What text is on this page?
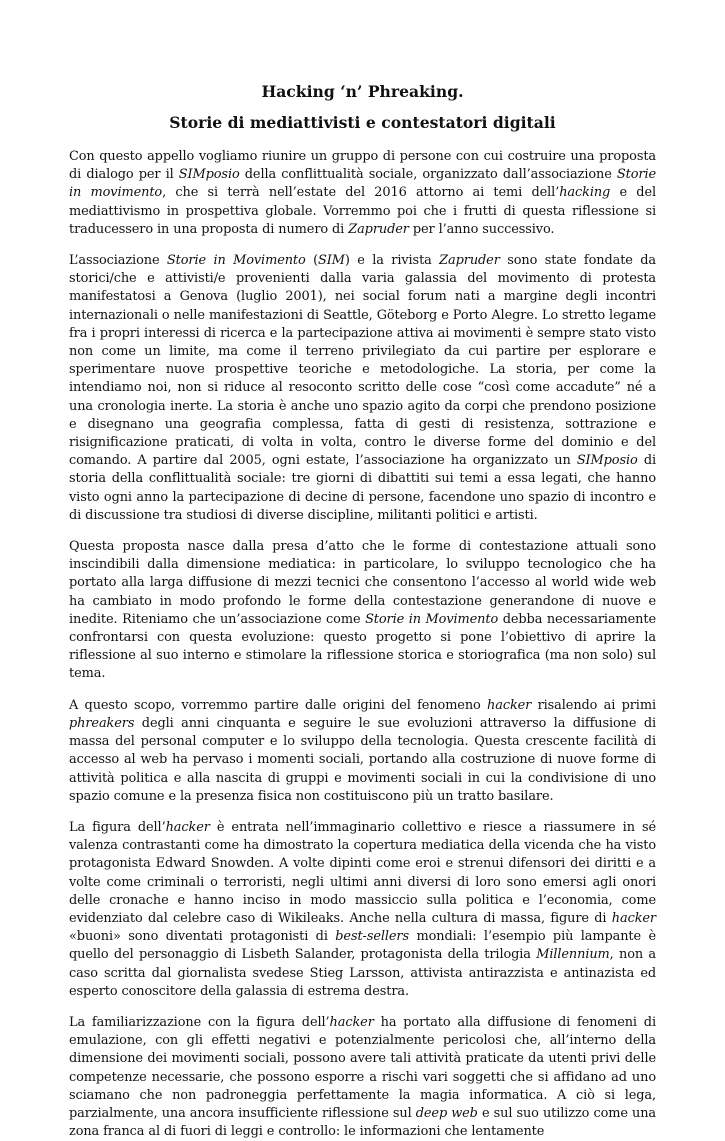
Hacking ‘n’ Phreaking.
Storie di mediattivisti e contestatori digitali

Con questo appello vogliamo riunire un gruppo di persone con cui costruire una proposta di dialogo per il SIMposio della conflittualità sociale, organizzato dall’associazione Storie in movimento, che si terrà nell’estate del 2016 attorno ai temi dell’hacking e del mediattivismo in prospettiva globale. Vorremmo poi che i frutti di questa riflessione si traducessero in una proposta di numero di Zapruder per l’anno successivo.

L’associazione Storie in Movimento (SIM) e la rivista Zapruder sono state fondate da storici/che e attivisti/e provenienti dalla varia galassia del movimento di protesta manifestatosi a Genova (luglio 2001), nei social forum nati a margine degli incontri internazionali o nelle manifestazioni di Seattle, Göteborg e Porto Alegre. Lo stretto legame fra i propri interessi di ricerca e la partecipazione attiva ai movimenti è sempre stato visto non come un limite, ma come il terreno privilegiato da cui partire per esplorare e sperimentare nuove prospettive teoriche e metodologiche. La storia, per come la intendiamo noi, non si riduce al resoconto scritto delle cose “così come accadute” né a una cronologia inerte. La storia è anche uno spazio agito da corpi che prendono posizione e disegnano una geografia complessa, fatta di gesti di resistenza, sottrazione e risignificazione praticati, di volta in volta, contro le diverse forme del dominio e del comando. A partire dal 2005, ogni estate, l’associazione ha organizzato un SIMposio di storia della conflittualità sociale: tre giorni di dibattiti sui temi a essa legati, che hanno visto ogni anno la partecipazione di decine di persone, facendone uno spazio di incontro e di discussione tra studiosi di diverse discipline, militanti politici e artisti.

Questa proposta nasce dalla presa d’atto che le forme di contestazione attuali sono inscindibili dalla dimensione mediatica: in particolare, lo sviluppo tecnologico che ha portato alla larga diffusione di mezzi tecnici che consentono l’accesso al world wide web ha cambiato in modo profondo le forme della contestazione generandone di nuove e inedite. Riteniamo che un’associazione come Storie in Movimento debba necessariamente confrontarsi con questa evoluzione: questo progetto si pone l’obiettivo di aprire la riflessione al suo interno e stimolare la riflessione storica e storiografica (ma non solo) sul tema.

A questo scopo, vorremmo partire dalle origini del fenomeno hacker risalendo ai primi phreakers degli anni cinquanta e seguire le sue evoluzioni attraverso la diffusione di massa del personal computer e lo sviluppo della tecnologia. Questa crescente facilità di accesso al web ha pervaso i momenti sociali, portando alla costruzione di nuove forme di attività politica e alla nascita di gruppi e movimenti sociali in cui la condivisione di uno spazio comune e la presenza fisica non costituiscono più un tratto basilare.

La figura dell’hacker è entrata nell’immaginario collettivo e riesce a riassumere in sé valenza contrastanti come ha dimostrato la copertura mediatica della vicenda che ha visto protagonista Edward Snowden. A volte dipinti come eroi e strenui difensori dei diritti e a volte come criminali o terroristi, negli ultimi anni diversi di loro sono emersi agli onori delle cronache e hanno inciso in modo massiccio sulla politica e l’economia, come evidenziato dal celebre caso di Wikileaks. Anche nella cultura di massa, figure di hacker «buoni» sono diventati protagonisti di best-sellers mondiali: l’esempio più lampante è quello del personaggio di Lisbeth Salander, protagonista della trilogia Millennium, non a caso scritta dal giornalista svedese Stieg Larsson, attivista antirazzista e antinazista ed esperto conoscitore della galassia di estrema destra.

La familiarizzazione con la figura dell’hacker ha portato alla diffusione di fenomeni di emulazione, con gli effetti negativi e potenzialmente pericolosi che, all’interno della dimensione dei movimenti sociali, possono avere tali attività praticate da utenti privi delle competenze necessarie, che possono esporre a rischi vari soggetti che si affidano ad uno sciamano che non padroneggia perfettamente la magia informatica. A ciò si lega, parzialmente, una ancora insufficiente riflessione sul deep web e sul suo utilizzo come una zona franca al di fuori di leggi e controllo: le informazioni che lentamente
